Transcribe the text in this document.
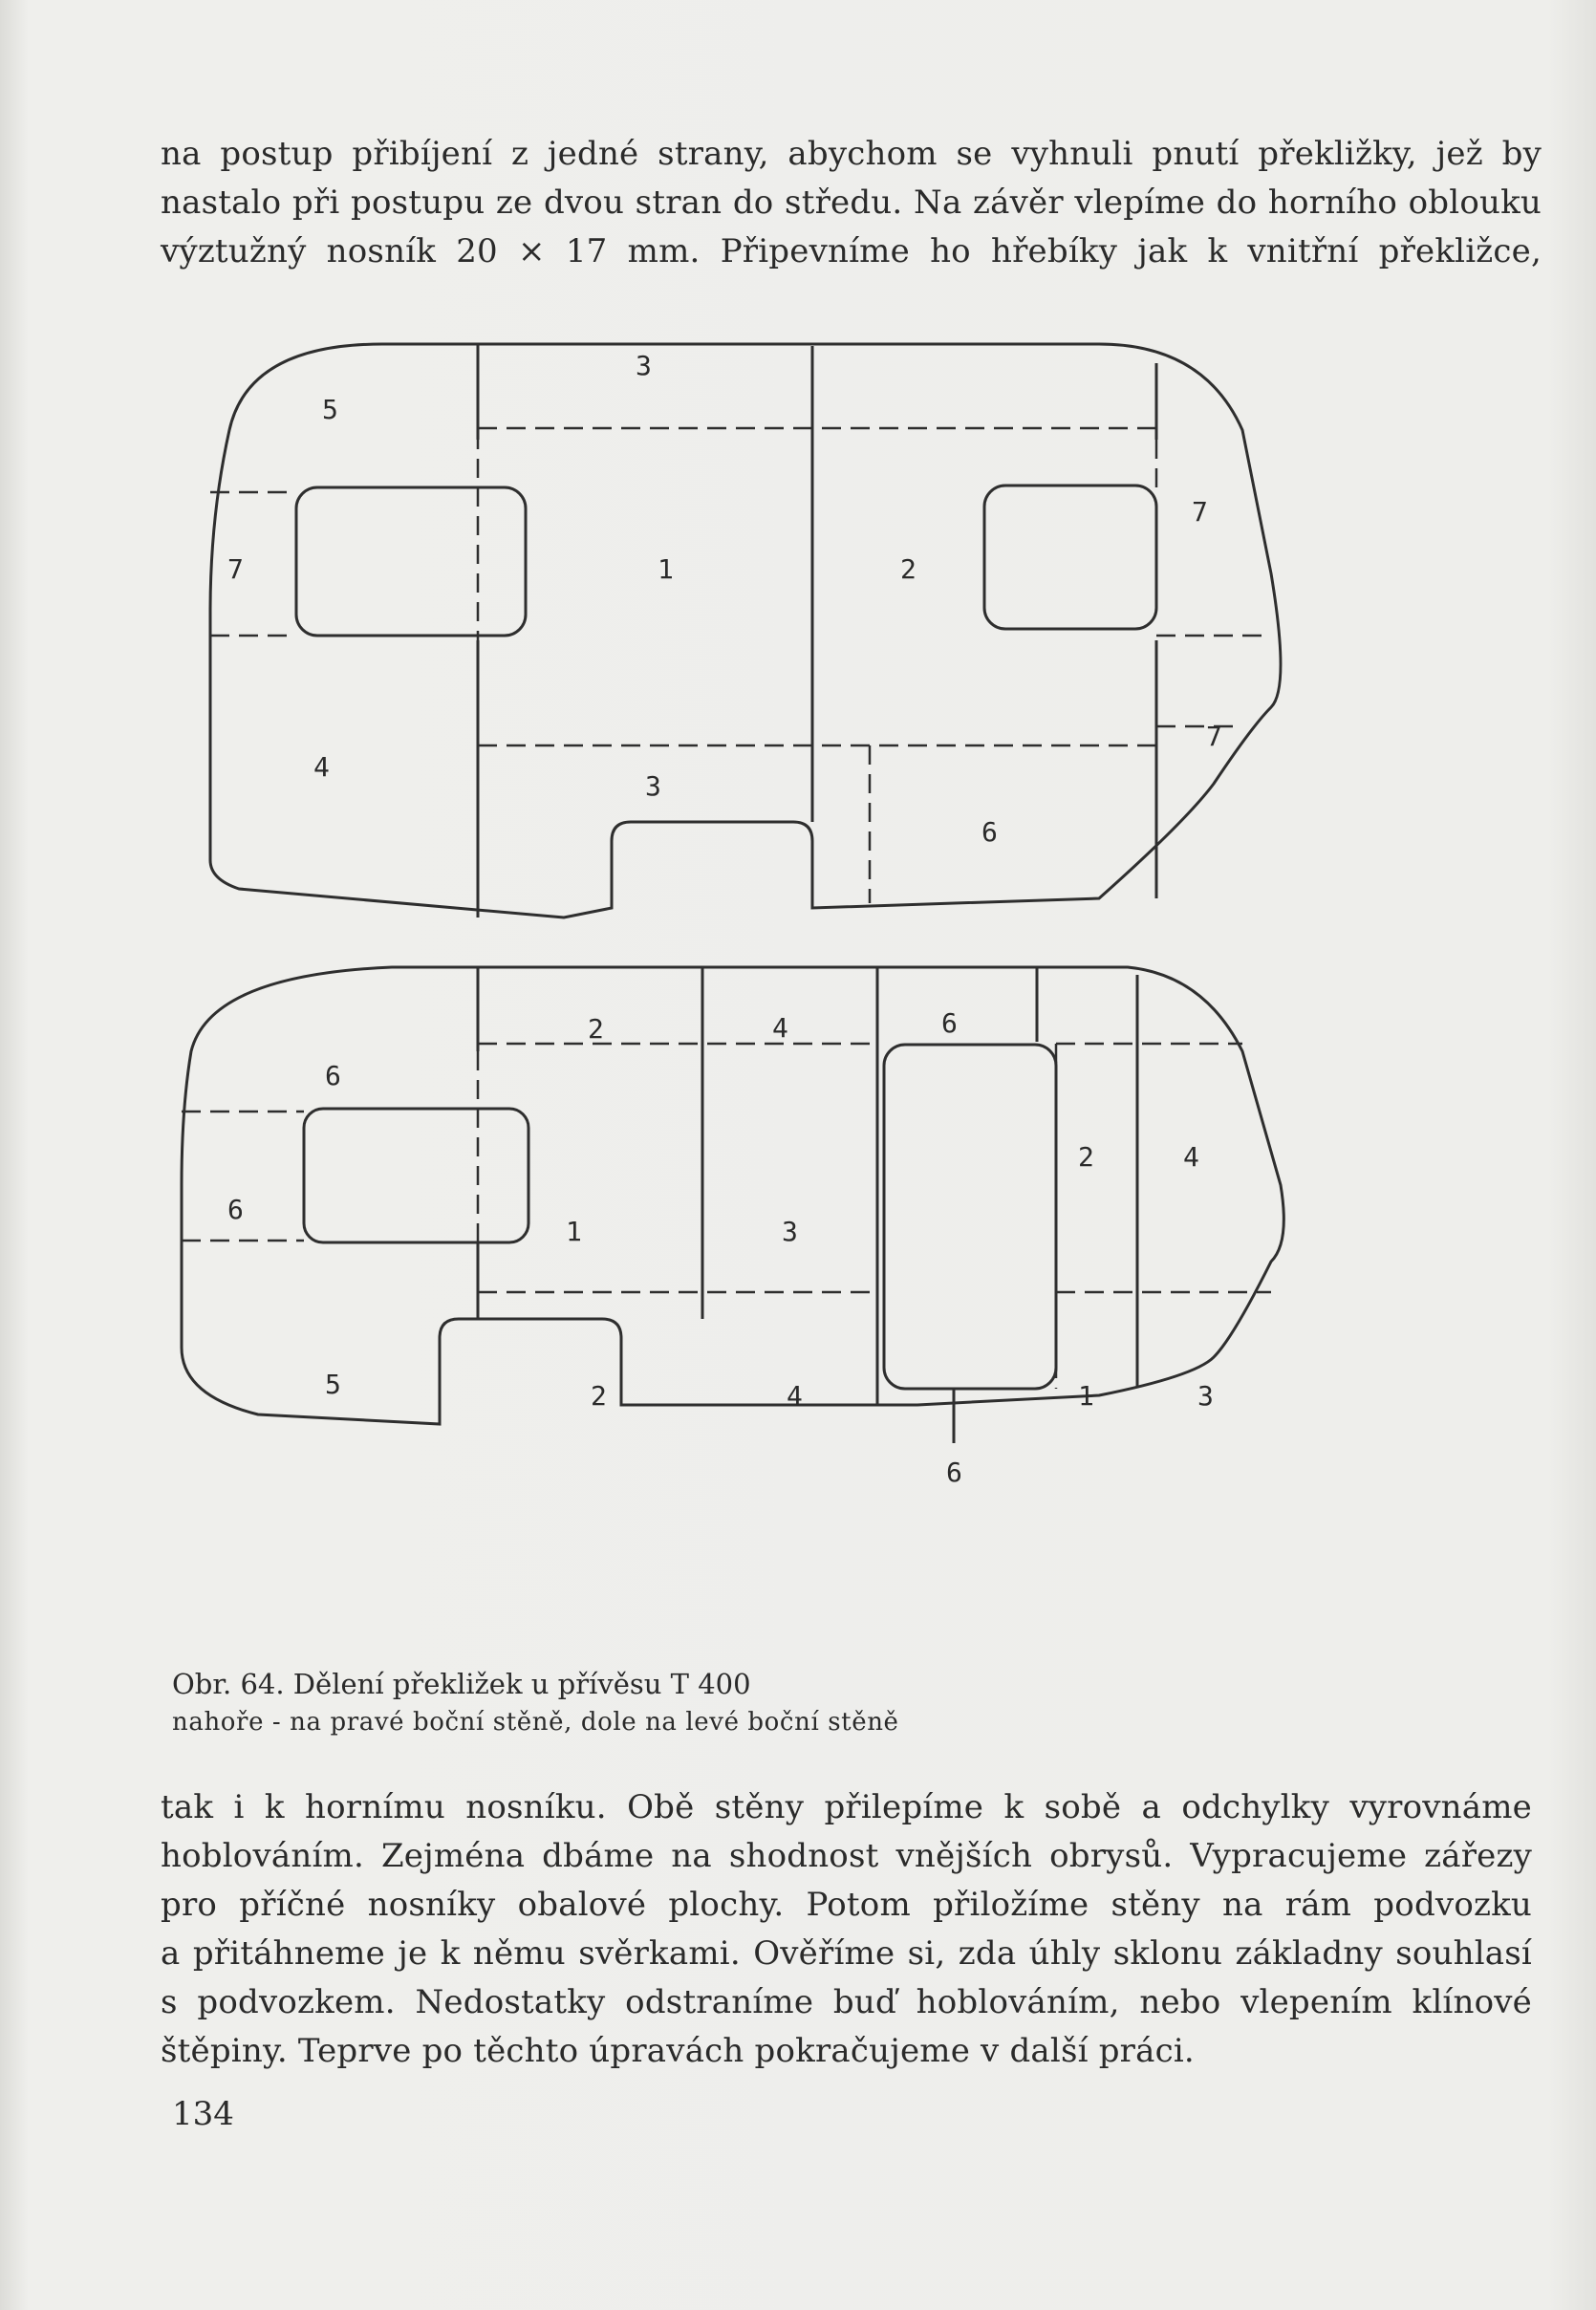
na postup přibíjení z jedné strany, abychom se vyhnuli pnutí překližky, jež by
nastalo při postupu ze dvou stran do středu. Na závěr vlepíme do horního oblouku
výztužný nosník 20 × 17 mm. Připevníme ho hřebíky jak k vnitřní překližce,
3
5
7	1	2
7
7
4
3
6
2	4	6
6
2	4
6
1	3
5	2	4	1	3
6
Obr. 64. Dělení překližek u přívěsu T 400
nahoře - na pravé boční stěně, dole na levé boční stěně
tak i k hornímu nosníku. Obě stěny přilepíme k sobě a odchylky vyrovnáme
hoblováním. Zejména dbáme na shodnost vnějších obrysů. Vypracujeme zářezy
pro příčné nosníky obalové plochy. Potom přiložíme stěny na rám podvozku
a přitáhneme je k němu svěrkami. Ověříme si, zda úhly sklonu základny souhlasí
s podvozkem. Nedostatky odstraníme buď hoblováním, nebo vlepením klínové
štěpiny. Teprve po těchto úpravách pokračujeme v další práci.
134
